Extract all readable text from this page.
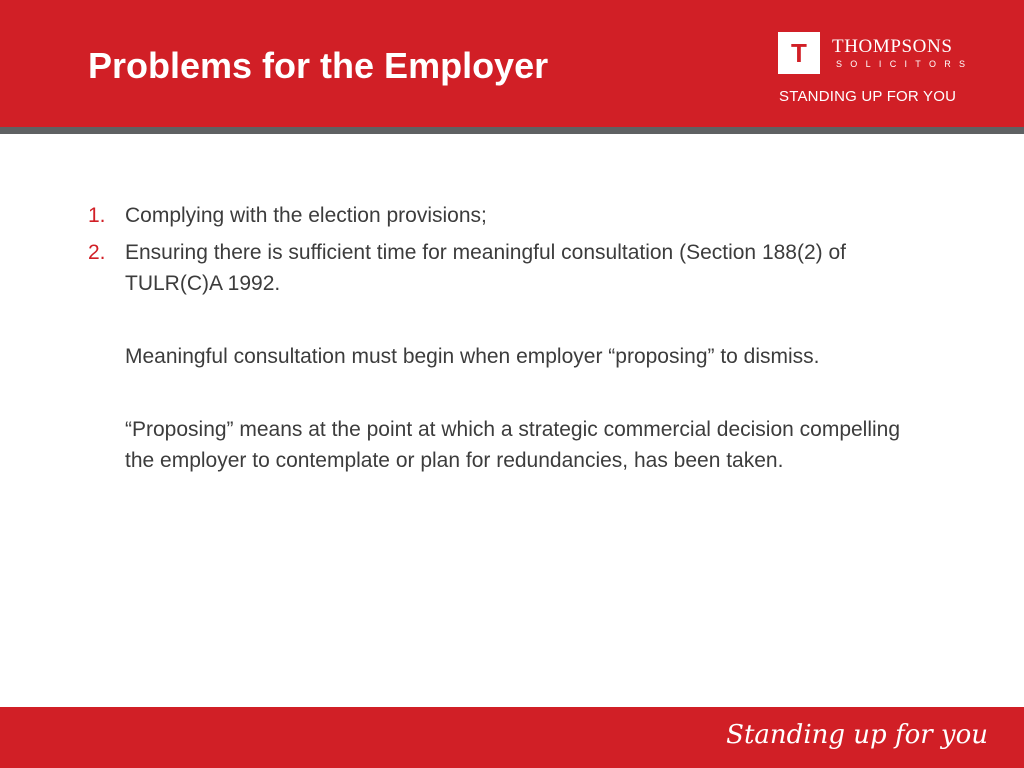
Problems for the Employer	T	THOMPSONS
SOLICITORS
STANDING UP FOR YOU
1. Complying with the election provisions;
2. Ensuring there is sufficient time for meaningful consultation (Section 188(2) of TULR(C)A 1992.
Meaningful consultation must begin when employer “proposing” to dismiss.
“Proposing” means at the point at which a strategic commercial decision compelling the employer to contemplate or plan for redundancies, has been taken.
Standing up for you
